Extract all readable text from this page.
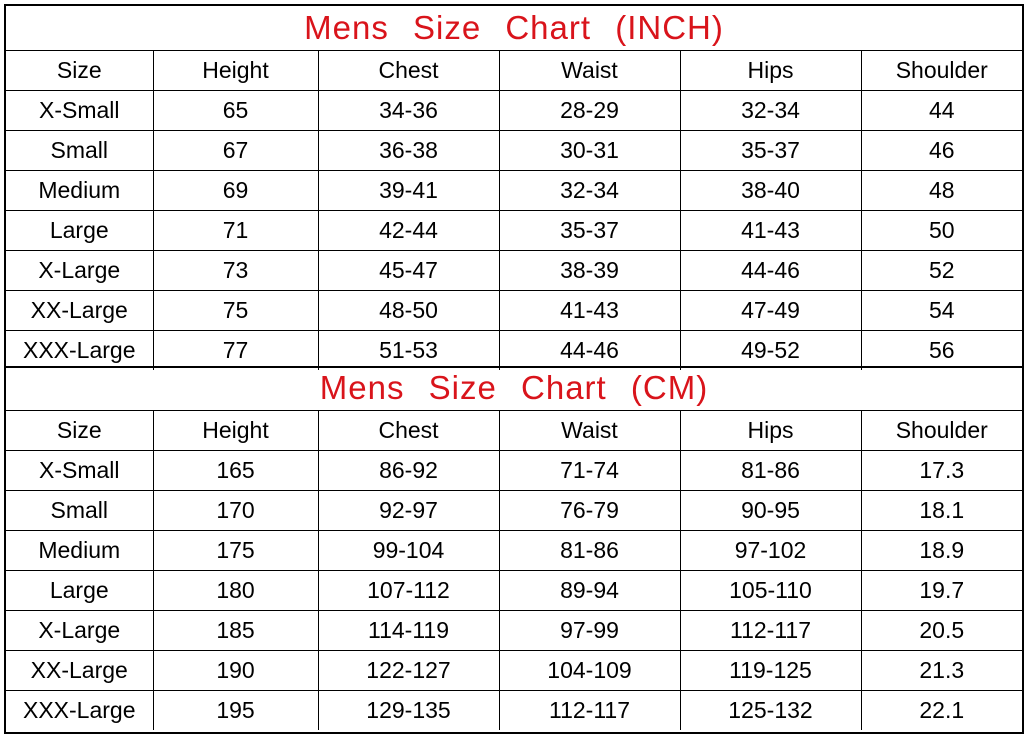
Mens Size Chart (INCH)
Size	Height	Chest	Waist	Hips	Shoulder
X-Small	65	34-36	28-29	32-34	44
Small	67	36-38	30-31	35-37	46
Medium	69	39-41	32-34	38-40	48
Large	71	42-44	35-37	41-43	50
X-Large	73	45-47	38-39	44-46	52
XX-Large	75	48-50	41-43	47-49	54
XXX-Large	77	51-53	44-46	49-52	56
Mens Size Chart (CM)
Size	Height	Chest	Waist	Hips	Shoulder
X-Small	165	86-92	71-74	81-86	17.3
Small	170	92-97	76-79	90-95	18.1
Medium	175	99-104	81-86	97-102	18.9
Large	180	107-112	89-94	105-110	19.7
X-Large	185	114-119	97-99	112-117	20.5
XX-Large	190	122-127	104-109	119-125	21.3
XXX-Large	195	129-135	112-117	125-132	22.1
